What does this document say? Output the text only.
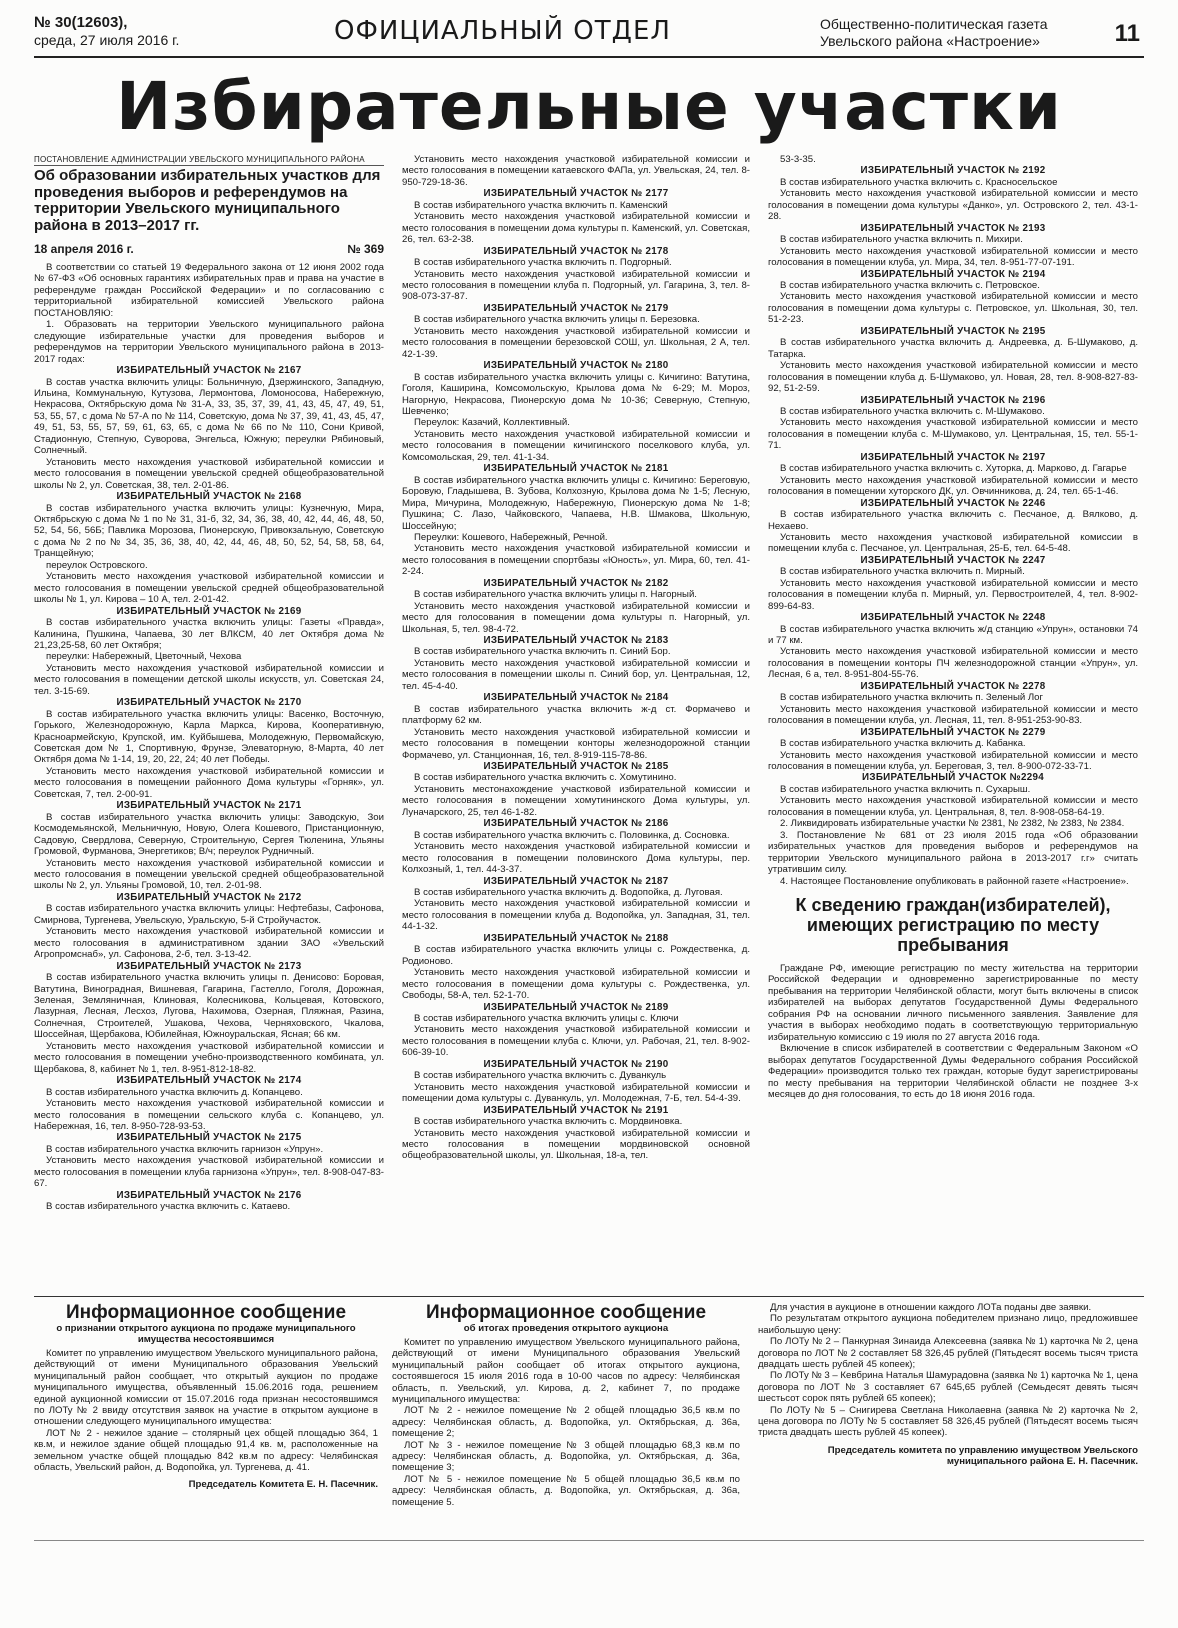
№ 30(12603),
среда, 27 июля 2016 г.	ОФИЦИАЛЬНЫЙ ОТДЕЛ	Общественно-политическая газета
Увельского района «Настроение»	11
Избирательные участки
ПОСТАНОВЛЕНИЕ АДМИНИСТРАЦИИ УВЕЛЬСКОГО МУНИЦИПАЛЬНОГО РАЙОНА
Об образовании избирательных участков для проведения выборов и референдумов на территории Увельского муниципального района в 2013–2017 гг.
18 апреля 2016 г.	№ 369

В соответствии со статьей 19 Федерального закона от 12 июня 2002 года № 67-ФЗ «Об основных гарантиях избирательных прав и права на участие в референдуме граждан Российской Федерации» и по согласованию с территориальной избирательной комиссией Увельского района ПОСТАНОВЛЯЮ:

1. Образовать на территории Увельского муниципального района следующие избирательные участки для проведения выборов и референдумов на территории Увельского муниципального района в 2013-2017 годах:

ИЗБИРАТЕЛЬНЫЙ УЧАСТОК № 2167

В состав участка включить улицы: Больничную, Дзержинского, Западную, Ильина, Коммунальную, Кутузова, Лермонтова, Ломоносова, Набережную, Некрасова, Октябрьскую дома № 31-А, 33, 35, 37, 39, 41, 43, 45, 47, 49, 51, 53, 55, 57, с дома № 57-А по № 114, Советскую, дома № 37, 39, 41, 43, 45, 47, 49, 51, 53, 55, 57, 59, 61, 63, 65, с дома № 66 по № 110, Сони Кривой, Стадионную, Степную, Суворова, Энгельса, Южную; переулки Рябиновый, Солнечный.

Установить место нахождения участковой избирательной комиссии и место голосования в помещении увельской средней общеобразовательной школы № 2, ул. Советская, 38, тел. 2-01-86.

ИЗБИРАТЕЛЬНЫЙ УЧАСТОК № 2168

В состав избирательного участка включить улицы: Кузнечную, Мира, Октябрьскую с дома № 1 по № 31, 31-б, 32, 34, 36, 38, 40, 42, 44, 46, 48, 50, 52, 54, 56, 56Б; Павлика Морозова, Пионерскую, Привокзальную, Советскую с дома № 2 по № 34, 35, 36, 38, 40, 42, 44, 46, 48, 50, 52, 54, 58, 58, 64, Транщейную;

переулок Островского.

Установить место нахождения участковой избирательной комиссии и место голосования в помещении увельской средней общеобразовательной школы № 1, ул. Кирова – 10 А, тел. 2-01-42.

ИЗБИРАТЕЛЬНЫЙ УЧАСТОК № 2169

В состав избирательного участка включить улицы: Газеты «Правда», Калинина, Пушкина, Чапаева, 30 лет ВЛКСМ, 40 лет Октября дома № 21,23,25-58, 60 лет Октября;

переулки: Набережный, Цветочный, Чехова

Установить место нахождения участковой избирательной комиссии и место голосования в помещении детской школы искусств, ул. Советская 24, тел. 3-15-69.

ИЗБИРАТЕЛЬНЫЙ УЧАСТОК № 2170

В состав избирательного участка включить улицы: Васенко, Восточную, Горького, Железнодорожную, Карла Маркса, Кирова, Кооперативную, Красноармейскую, Крупской, им. Куйбышева, Молодежную, Первомайскую, Советская дом № 1, Спортивную, Фрунзе, Элеваторную, 8-Марта, 40 лет Октября дома № 1-14, 19, 20, 22, 24; 40 лет Победы.

Установить место нахождения участковой избирательной комиссии и место голосования в помещении районного Дома культуры «Горняк», ул. Советская, 7, тел. 2-00-91.

ИЗБИРАТЕЛЬНЫЙ УЧАСТОК № 2171

В состав избирательного участка включить улицы: Заводскую, Зои Космодемьянской, Мельничную, Новую, Олега Кошевого, Пристанционную, Садовую, Свердлова, Северную, Строительную, Сергея Тюленина, Ульяны Громовой, Фурманова, Энергетиков; В/ч; переулок Рудничный.

Установить место нахождения участковой избирательной комиссии и место голосования в помещении увельской средней общеобразовательной школы № 2, ул. Ульяны Громовой, 10, тел. 2-01-98.

ИЗБИРАТЕЛЬНЫЙ УЧАСТОК № 2172

В состав избирательного участка включить улицы: Нефтебазы, Сафонова, Смирнова, Тургенева, Увельскую, Уральскую, 5-й Стройучасток.

Установить место нахождения участковой избирательной комиссии и место голосования в административном здании ЗАО «Увельский Агропромснаб», ул. Сафонова, 2-б, тел. 3-13-42.

ИЗБИРАТЕЛЬНЫЙ УЧАСТОК № 2173

В состав избирательного участка включить улицы п. Денисово: Боровая, Ватутина, Виноградная, Вишневая, Гагарина, Гастелло, Гоголя, Дорожная, Зеленая, Земляничная, Клиновая, Колесникова, Кольцевая, Котовского, Лазурная, Лесная, Лесхоз, Лугова, Нахимова, Озерная, Пляжная, Разина, Солнечная, Строителей, Ушакова, Чехова, Черняховского, Чкалова, Шоссейная, Щербакова, Юбилейная, Южноуральская, Ясная; 66 км.

Установить место нахождения участковой избирательной комиссии и место голосования в помещении учебно-производственного комбината, ул. Щербакова, 8, кабинет № 1, тел. 8-951-812-18-82.

ИЗБИРАТЕЛЬНЫЙ УЧАСТОК № 2174

В состав избирательного участка включить д. Копанцево.

Установить место нахождения участковой избирательной комиссии и место голосования в помещении сельского клуба с. Копанцево, ул. Набережная, 16, тел. 8-950-728-93-53.

ИЗБИРАТЕЛЬНЫЙ УЧАСТОК № 2175

В состав избирательного участка включить гарнизон «Упрун».

Установить место нахождения участковой избирательной комиссии и место голосования в помещении клуба гарнизона «Упрун», тел. 8-908-047-83-67.

ИЗБИРАТЕЛЬНЫЙ УЧАСТОК № 2176

В состав избирательного участка включить с. Катаево.

Установить место нахождения участковой избирательной комиссии и место голосования в помещении катаевского ФАПа, ул. Увельская, 24, тел. 8-950-729-18-36.

ИЗБИРАТЕЛЬНЫЙ УЧАСТОК № 2177

В состав избирательного участка включить п. Каменский

Установить место нахождения участковой избирательной комиссии и место голосования в помещении дома культуры п. Каменский, ул. Советская, 26, тел. 63-2-38.

ИЗБИРАТЕЛЬНЫЙ УЧАСТОК № 2178

В состав избирательного участка включить п. Подгорный.

Установить место нахождения участковой избирательной комиссии и место голосования в помещении клуба п. Подгорный, ул. Гагарина, 3, тел. 8-908-073-37-87.

ИЗБИРАТЕЛЬНЫЙ УЧАСТОК № 2179

В состав избирательного участка включить улицы п. Березовка.

Установить место нахождения участковой избирательной комиссии и место голосования в помещении березовской СОШ, ул. Школьная, 2 А, тел. 42-1-39.

ИЗБИРАТЕЛЬНЫЙ УЧАСТОК № 2180

В состав избирательного участка включить улицы с. Кичигино: Ватутина, Гоголя, Каширина, Комсомольскую, Крылова дома № 6-29; М. Мороз, Нагорную, Некрасова, Пионерскую дома № 10-36; Северную, Степную, Шевченко;

Переулок: Казачий, Коллективный.

Установить место нахождения участковой избирательной комиссии и место голосования в помещении кичигинского поселкового клуба, ул. Комсомольская, 29, тел. 41-1-34.

ИЗБИРАТЕЛЬНЫЙ УЧАСТОК № 2181

В состав избирательного участка включить улицы с. Кичигино: Береговую, Боровую, Гладышева, В. Зубова, Колхозную, Крылова дома № 1-5; Лесную, Мира, Мичурина, Молодежную, Набережную, Пионерскую дома № 1-8; Пушкина; С. Лазо, Чайковского, Чапаева, Н.В. Шмакова, Школьную, Шоссейную;

Переулки: Кошевого, Набережный, Речной.

Установить место нахождения участковой избирательной комиссии и место голосования в помещении спортбазы «Юность», ул. Мира, 60, тел. 41-2-24.

ИЗБИРАТЕЛЬНЫЙ УЧАСТОК № 2182

В состав избирательного участка включить улицы п. Нагорный.

Установить место нахождения участковой избирательной комиссии и место для голосования в помещении дома культуры п. Нагорный, ул. Школьная, 5, тел. 98-4-72.

ИЗБИРАТЕЛЬНЫЙ УЧАСТОК № 2183

В состав избирательного участка включить п. Синий Бор.

Установить место нахождения участковой избирательной комиссии и место голосования в помещении школы п. Синий бор, ул. Центральная, 12, тел. 45-4-40.

ИЗБИРАТЕЛЬНЫЙ УЧАСТОК № 2184

В состав избирательного участка включить ж-д ст. Формачево и платформу 62 км.

Установить место нахождения участковой избирательной комиссии и место голосования в помещении конторы железнодорожной станции Формачево, ул. Станционная, 16, тел. 8-919-115-78-86.

ИЗБИРАТЕЛЬНЫЙ УЧАСТОК № 2185

В состав избирательного участка включить с. Хомутинино.

Установить местонахождение участковой избирательной комиссии и место голосования в помещении хомутининского Дома культуры, ул. Луначарского, 25, тел 46-1-82.

ИЗБИРАТЕЛЬНЫЙ УЧАСТОК № 2186

В состав избирательного участка включить с. Половинка, д. Сосновка.

Установить место нахождения участковой избирательной комиссии и место голосования в помещении половинского Дома культуры, пер. Колхозный, 1, тел. 44-3-37.

ИЗБИРАТЕЛЬНЫЙ УЧАСТОК № 2187

В состав избирательного участка включить д. Водопойка, д. Луговая.

Установить место нахождения участковой избирательной комиссии и место голосования в помещении клуба д. Водопойка, ул. Западная, 31, тел. 44-1-32.

ИЗБИРАТЕЛЬНЫЙ УЧАСТОК № 2188

В состав избирательного участка включить улицы с. Рождественка, д. Родионово.

Установить место нахождения участковой избирательной комиссии и место голосования в помещении дома культуры с. Рождественка, ул. Свободы, 58-А, тел. 52-1-70.

ИЗБИРАТЕЛЬНЫЙ УЧАСТОК № 2189

В состав избирательного участка включить улицы с. Ключи

Установить место нахождения участковой избирательной комиссии и место голосования в помещении клуба с. Ключи, ул. Рабочая, 21, тел. 8-902-606-39-10.

ИЗБИРАТЕЛЬНЫЙ УЧАСТОК № 2190

В состав избирательного участка включить с. Дуванкуль

Установить место нахождения участковой избирательной комиссии и помещении дома культуры с. Дуванкуль, ул. Молодежная, 7-Б, тел. 54-4-39.

ИЗБИРАТЕЛЬНЫЙ УЧАСТОК № 2191

В состав избирательного участка включить с. Мордвиновка.

Установить место нахождения участковой избирательной комиссии и место голосования в помещении мордвиновской основной общеобразовательной школы, ул. Школьная, 18-а, тел.

53-3-35.

ИЗБИРАТЕЛЬНЫЙ УЧАСТОК № 2192

В состав избирательного участка включить с. Красносельское

Установить место нахождения участковой избирательной комиссии и место голосования в помещении дома культуры «Данко», ул. Островского 2, тел. 43-1-28.

ИЗБИРАТЕЛЬНЫЙ УЧАСТОК № 2193

В состав избирательного участка включить п. Михири.

Установить место нахождения участковой избирательной комиссии и место голосования в помещении клуба, ул. Мира, 34, тел. 8-951-77-07-191.

ИЗБИРАТЕЛЬНЫЙ УЧАСТОК № 2194

В состав избирательного участка включить с. Петровское.

Установить место нахождения участковой избирательной комиссии и место голосования в помещении дома культуры с. Петровское, ул. Школьная, 30, тел. 51-2-23.

ИЗБИРАТЕЛЬНЫЙ УЧАСТОК № 2195

В состав избирательного участка включить д. Андреевка, д. Б-Шумаково, д. Татарка.

Установить место нахождения участковой избирательной комиссии и место голосования в помещении клуба д. Б-Шумаково, ул. Новая, 28, тел. 8-908-827-83-92, 51-2-59.

ИЗБИРАТЕЛЬНЫЙ УЧАСТОК № 2196

В состав избирательного участка включить с. М-Шумаково.

Установить место нахождения участковой избирательной комиссии и место голосования в помещении клуба с. М-Шумаково, ул. Центральная, 15, тел. 55-1-71.

ИЗБИРАТЕЛЬНЫЙ УЧАСТОК № 2197

В состав избирательного участка включить с. Хуторка, д. Марково, д. Гагарье

Установить место нахождения участковой избирательной комиссии и место голосования в помещении хуторского ДК, ул. Овчинникова, д. 24, тел. 65-1-46.

ИЗБИРАТЕЛЬНЫЙ УЧАСТОК № 2246

В состав избирательного участка включить с. Песчаное, д. Вялково, д. Нехаево.

Установить место нахождения участковой избирательной комиссии в помещении клуба с. Песчаное, ул. Центральная, 25-Б, тел. 64-5-48.

ИЗБИРАТЕЛЬНЫЙ УЧАСТОК № 2247

В состав избирательного участка включить п. Мирный.

Установить место нахождения участковой избирательной комиссии и место голосования в помещении клуба п. Мирный, ул. Первостроителей, 4, тел. 8-902-899-64-83.

ИЗБИРАТЕЛЬНЫЙ УЧАСТОК № 2248

В состав избирательного участка включить ж/д станцию «Упрун», остановки 74 и 77 км.

Установить место нахождения участковой избирательной комиссии и место голосования в помещении конторы ПЧ железнодорожной станции «Упрун», ул. Лесная, 6 а, тел. 8-951-804-55-76.

ИЗБИРАТЕЛЬНЫЙ УЧАСТОК № 2278

В состав избирательного участка включить п. Зеленый Лог

Установить место нахождения участковой избирательной комиссии и место голосования в помещении клуба, ул. Лесная, 11, тел. 8-951-253-90-83.

ИЗБИРАТЕЛЬНЫЙ УЧАСТОК № 2279

В состав избирательного участка включить д. Кабанка.

Установить место нахождения участковой избирательной комиссии и место голосования в помещении клуба, ул. Береговая, 3, тел. 8-900-072-33-71.

ИЗБИРАТЕЛЬНЫЙ УЧАСТОК №2294

В состав избирательного участка включить п. Сухарыш.

Установить место нахождения участковой избирательной комиссии и место голосования в помещении клуба, ул. Центральная, 8, тел. 8-908-058-64-19.

2. Ликвидировать избирательные участки № 2381, № 2382, № 2383, № 2384.

3. Постановление № 681 от 23 июля 2015 года «Об образовании избирательных участков для проведения выборов и референдумов на территории Увельского муниципального района в 2013-2017 г.г» считать утратившим силу.

4. Настоящее Постановление опубликовать в районной газете «Настроение».

К сведению граждан(избирателей), имеющих регистрацию по месту пребывания

Граждане РФ, имеющие регистрацию по месту жительства на территории Российской Федерации и одновременно зарегистрированные по месту пребывания на территории Челябинской области, могут быть включены в список избирателей на выборах депутатов Государственной Думы Федерального собрания РФ на основании личного письменного заявления. Заявление для участия в выборах необходимо подать в соответствующую территориальную избирательную комиссию с 19 июля по 27 августа 2016 года.

Включение в список избирателей в соответствии с Федеральным Законом «О выборах депутатов Государственной Думы Федерального собрания Российской Федерации» производится только тех граждан, которые будут зарегистрированы по месту пребывания на территории Челябинской области не позднее 3-х месяцев до дня голосования, то есть до 18 июня 2016 года.

Информационное сообщение
о признании открытого аукциона по продаже муниципального имущества несостоявшимся

Комитет по управлению имуществом Увельского муниципального района, действующий от имени Муниципального образования Увельский муниципальный район сообщает, что открытый аукцион по продаже муниципального имущества, объявленный 15.06.2016 года, решением единой аукционной комиссии от 15.07.2016 года признан несостоявшимся по ЛОТу № 2 ввиду отсутствия заявок на участие в открытом аукционе в отношении следующего муниципального имущества:

ЛОТ № 2 - нежилое здание – столярный цех общей площадью 364, 1 кв.м, и нежилое здание общей площадью 91,4 кв. м, расположенные на земельном участке общей площадью 842 кв.м по адресу: Челябинская область, Увельский район, д. Водопойка, ул. Тургенева, д. 41.

Председатель Комитета Е. Н. Пасечник.

Информационное сообщение
об итогах проведения открытого аукциона

Комитет по управлению имуществом Увельского муниципального района, действующий от имени Муниципального образования Увельский муниципальный район сообщает об итогах открытого аукциона, состоявшегося 15 июля 2016 года в 10-00 часов по адресу: Челябинская область, п. Увельский, ул. Кирова, д. 2, кабинет 7, по продаже муниципального имущества:

ЛОТ № 2 - нежилое помещение № 2 общей площадью 36,5 кв.м по адресу: Челябинская область, д. Водопойка, ул. Октябрьская, д. 36а, помещение 2;

ЛОТ № 3 - нежилое помещение № 3 общей площадью 68,3 кв.м по адресу: Челябинская область, д. Водопойка, ул. Октябрьская, д. 36а, помещение 3;

ЛОТ № 5 - нежилое помещение № 5 общей площадью 36,5 кв.м по адресу: Челябинская область, д. Водопойка, ул. Октябрьская, д. 36а, помещение 5.

Для участия в аукционе в отношении каждого ЛОТа поданы две заявки.

По результатам открытого аукциона победителем признано лицо, предложившее наибольшую цену:

По ЛОТу № 2 – Панкурная Зинаида Алексеевна (заявка № 1) карточка № 2, цена договора по ЛОТ № 2 составляет 58 326,45 рублей (Пятьдесят восемь тысяч триста двадцать шесть рублей 45 копеек);

По ЛОТу № 3 – Кевбрина Наталья Шамурадовна (заявка № 1) карточка № 1, цена договора по ЛОТ № 3 составляет 67 645,65 рублей (Семьдесят девять тысяч шестьсот сорок пять рублей 65 копеек);

По ЛОТу № 5 – Снигирева Светлана Николаевна (заявка № 2) карточка № 2, цена договора по ЛОТу № 5 составляет 58 326,45 рублей (Пятьдесят восемь тысяч триста двадцать шесть рублей 45 копеек).

Председатель комитета по управлению имуществом Увельского муниципального района Е. Н. Пасечник.
